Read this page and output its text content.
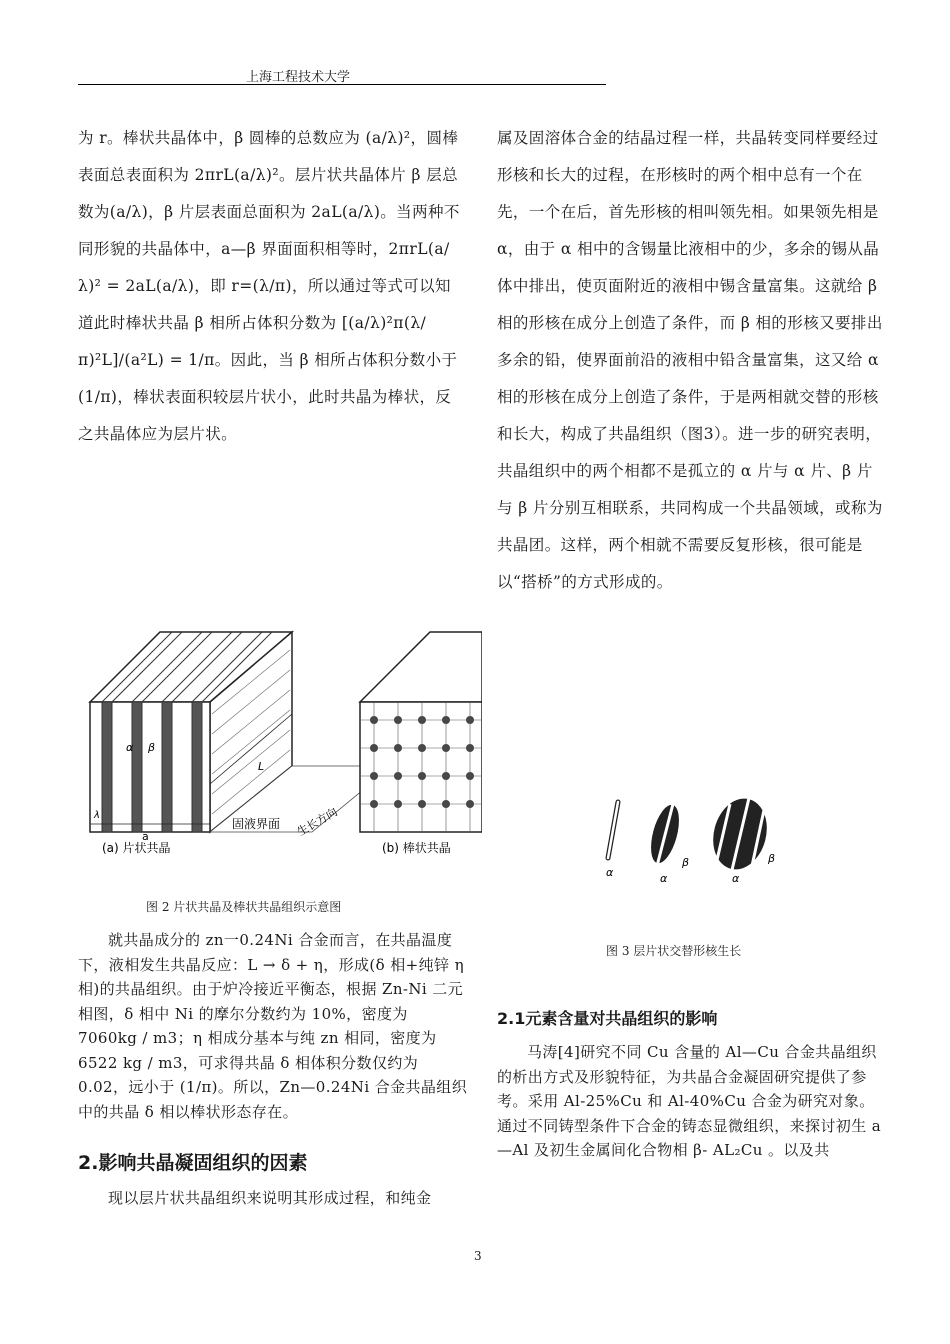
上海工程技术大学

为 r。棒状共晶体中，β 圆棒的总数应为 (a/λ)²，圆棒表面总表面积为 2πrL(a/λ)²。层片状共晶体片 β 层总数为(a/λ)，β 片层表面总面积为 2aL(a/λ)。当两种不同形貌的共晶体中，a—β 界面面积相等时，2πrL(a/λ)² = 2aL(a/λ)，即 r=(λ/π)，所以通过等式可以知道此时棒状共晶 β 相所占体积分数为 [(a/λ)²π(λ/π)²L]/(a²L) = 1/π。因此，当 β 相所占体积分数小于 (1/π)，棒状表面积较层片状小，此时共晶为棒状，反之共晶体应为层片状。

属及固溶体合金的结晶过程一样，共晶转变同样要经过形核和长大的过程，在形核时的两个相中总有一个在先，一个在后，首先形核的相叫领先相。如果领先相是 α，由于 α 相中的含锡量比液相中的少，多余的锡从晶体中排出，使页面附近的液相中锡含量富集。这就给 β 相的形核在成分上创造了条件，而 β 相的形核又要排出多余的铅，使界面前沿的液相中铅含量富集，这又给 α 相的形核在成分上创造了条件，于是两相就交替的形核和长大，构成了共晶组织（图3）。进一步的研究表明，共晶组织中的两个相都不是孤立的 α 片与 α 片、β 片与 β 片分别互相联系，共同构成一个共晶领域，或称为共晶团。这样，两个相就不需要反复形核，很可能是以“搭桥”的方式形成的。

α β
L
λ
a
(a) 片状共晶
固液界面 生长方向
(b) 棒状共晶
图 2 片状共晶及棒状共晶组织示意图
α	α
β
α
β
图 3 层片状交替形核生长

就共晶成分的 zn一0.24Ni 合金而言，在共晶温度下，液相发生共晶反应：L → δ + η，形成(δ 相+纯锌 η 相)的共晶组织。由于炉冷接近平衡态，根据 Zn-Ni 二元相图，δ 相中 Ni 的摩尔分数约为 10%，密度为 7060kg / m3；η 相成分基本与纯 zn 相同，密度为 6522 kg / m3，可求得共晶 δ 相体积分数仅约为 0.02，远小于 (1/π)。所以，Zn—0.24Ni 合金共晶组织中的共晶 δ 相以棒状形态存在。

2.影响共晶凝固组织的因素

现以层片状共晶组织来说明其形成过程，和纯金

2.1元素含量对共晶组织的影响

马涛[4]研究不同 Cu 含量的 Al—Cu 合金共晶组织的析出方式及形貌特征，为共晶合金凝固研究提供了参考。采用 Al-25%Cu 和 Al-40%Cu 合金为研究对象。通过不同铸型条件下合金的铸态显微组织，来探讨初生 a—Al 及初生金属间化合物相 β- AL₂Cu 。以及共

3
